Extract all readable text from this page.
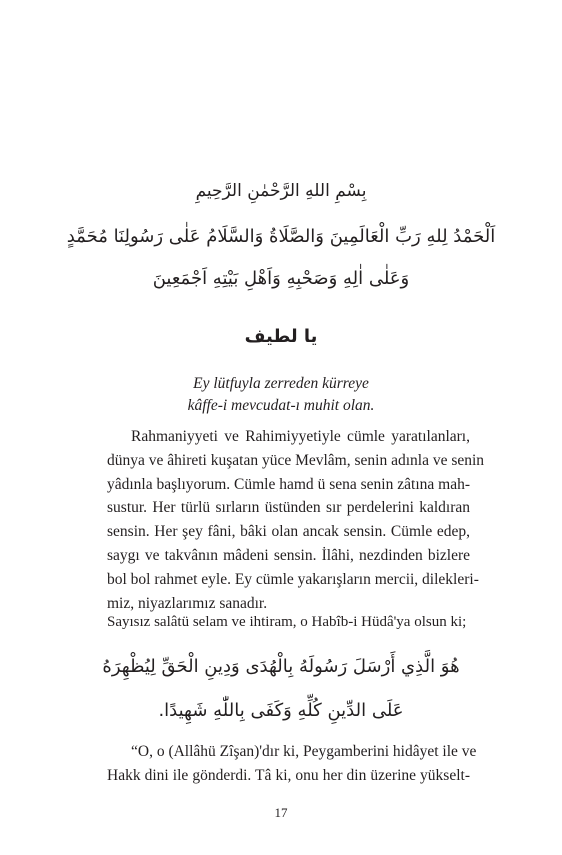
بِسْمِ اللهِ الرَّحْمٰنِ الرَّحِيمِ
اَلْحَمْدُ لِلهِ رَبِّ الْعَالَمِينَ وَالصَّلَاةُ وَالسَّلَامُ عَلٰى رَسُولِنَا مُحَمَّدٍ
وَعَلٰى اٰلِهِ وَصَحْبِهِ وَاَهْلِ بَيْتِهِ اَجْمَعِينَ
يا لطيف
Ey lütfuyla zerreden kürreye
kâffe-i mevcudat-ı muhit olan.
Rahmaniyyeti ve Rahimiyyetiyle cümle yaratılanları,
dünya ve âhireti kuşatan yüce Mevlâm, senin adınla ve senin
yâdınla başlıyorum. Cümle hamd ü sena senin zâtına mah-
sustur. Her türlü sırların üstünden sır perdelerini kaldıran
sensin. Her şey fâni, bâki olan ancak sensin. Cümle edep,
saygı ve takvânın mâdeni sensin. İlâhi, nezdinden bizlere
bol bol rahmet eyle. Ey cümle yakarışların mercii, dilekleri-
miz, niyazlarımız sanadır.
Sayısız salâtü selam ve ihtiram, o Habîb-i Hüdâ'ya olsun ki;
هُوَ الَّذِي أَرْسَلَ رَسُولَهُ بِالْهُدَى وَدِينِ الْحَقِّ لِيُظْهِرَهُ
عَلَى الدِّينِ كُلِّهِ وَكَفَى بِاللّٰهِ شَهِيدًا.
“O, o (Allâhü Zîşan)'dır ki, Peygamberini hidâyet ile ve
Hakk dini ile gönderdi. Tâ ki, onu her din üzerine yükselt-
17
